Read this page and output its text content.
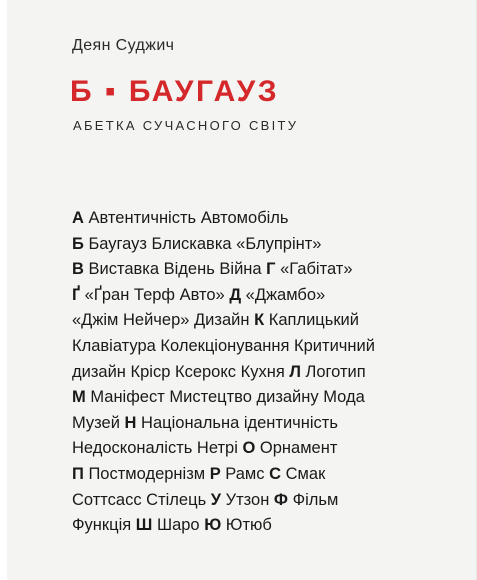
Деян Суджич
Б ▪ БАУГАУЗ
АБЕТКА СУЧАСНОГО СВІТУ
А Автентичність Автомобіль
Б Баугауз Блискавка «Блупрінт»
В Виставка Відень Війна Г «Габітат»
Ґ «Ґран Терф Авто» Д «Джамбо»
«Джім Нейчер» Дизайн К Каплицький
Клавіатура Колекціонування Критичний
дизайн Кріср Ксерокс Кухня Л Логотип
М Маніфест Мистецтво дизайну Мода
Музей Н Національна ідентичність
Недосконалість Нетрі О Орнамент
П Постмодернізм Р Рамс С Смак
Соттсасс Стілець У Утзон Ф Фільм
Функція Ш Шаро Ю Ютюб
